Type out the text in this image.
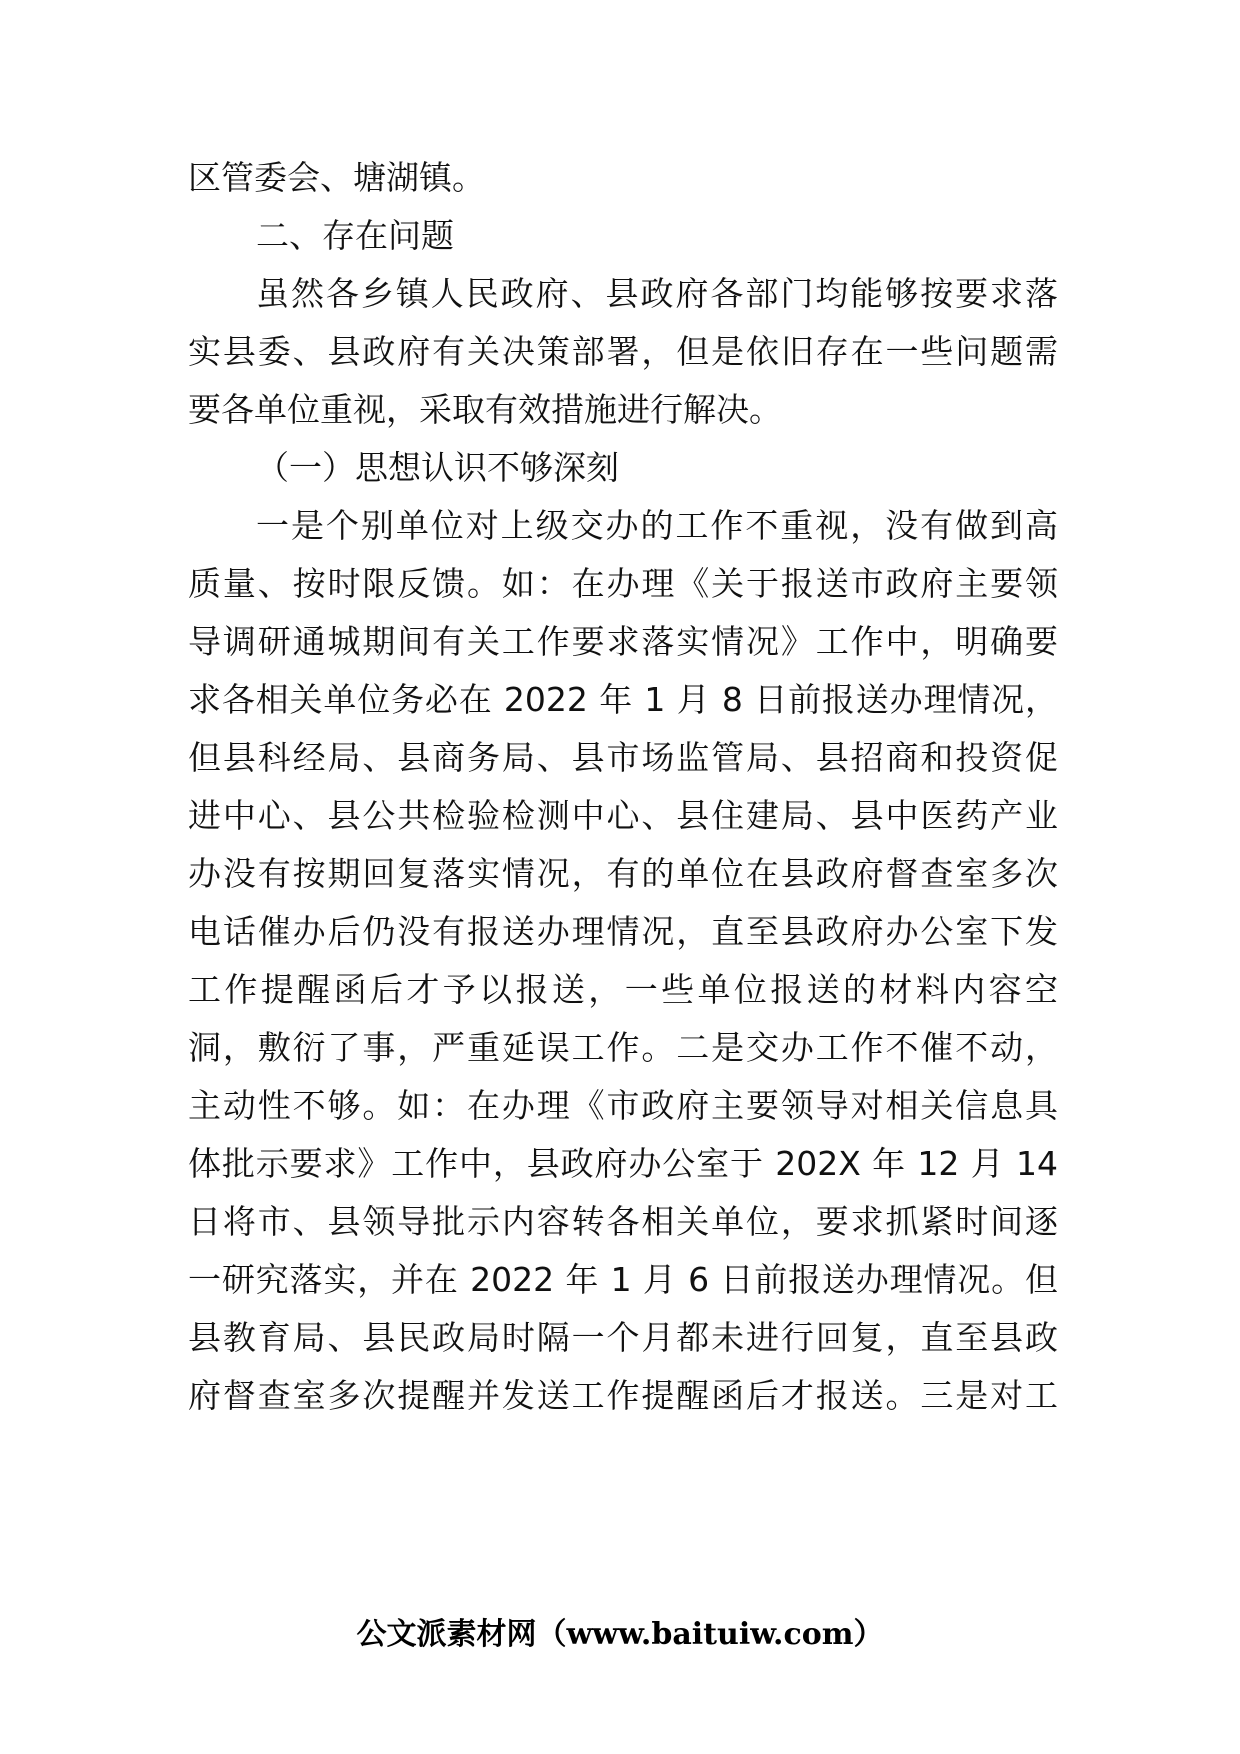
区管委会、塘湖镇。
二、存在问题
虽然各乡镇人民政府、县政府各部门均能够按要求落
实县委、县政府有关决策部署，但是依旧存在一些问题需
要各单位重视，采取有效措施进行解决。
（一）思想认识不够深刻
一是个别单位对上级交办的工作不重视，没有做到高
质量、按时限反馈。如：在办理《关于报送市政府主要领
导调研通城期间有关工作要求落实情况》工作中，明确要
求各相关单位务必在 2022 年 1 月 8 日前报送办理情况，
但县科经局、县商务局、县市场监管局、县招商和投资促
进中心、县公共检验检测中心、县住建局、县中医药产业
办没有按期回复落实情况，有的单位在县政府督查室多次
电话催办后仍没有报送办理情况，直至县政府办公室下发
工作提醒函后才予以报送，一些单位报送的材料内容空
洞，敷衍了事，严重延误工作。二是交办工作不催不动，
主动性不够。如：在办理《市政府主要领导对相关信息具
体批示要求》工作中，县政府办公室于 202X 年 12 月 14
日将市、县领导批示内容转各相关单位，要求抓紧时间逐
一研究落实，并在 2022 年 1 月 6 日前报送办理情况。但
县教育局、县民政局时隔一个月都未进行回复，直至县政
府督查室多次提醒并发送工作提醒函后才报送。三是对工
公文派素材网（www.baituiw.com）
